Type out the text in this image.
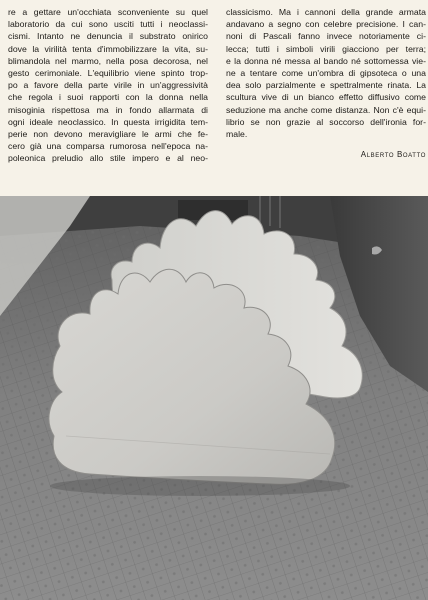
re a gettare un'occhiata sconveniente su quel
laboratorio da cui sono usciti tutti i neoclassi-
cismi. Intanto ne denuncia il substrato onirico
dove la virilità tenta d'immobilizzare la vita, su-
blimandola nel marmo, nella posa decorosa, nel
gesto cerimoniale. L'equilibrio viene spinto trop-
po a favore della parte virile in un'aggressività
che regola i suoi rapporti con la donna nella
misoginia rispettosa ma in fondo allarmata di
ogni ideale neoclassico. In questa irrigidita tem-
perie non devono meravigliare le armi che fe-
cero già una comparsa rumorosa nell'epoca na-
poleonica preludio allo stile impero e al neo-
classicismo. Ma i cannoni della grande armata
andavano a segno con celebre precisione. I can-
noni di Pascali fanno invece notoriamente ci-
lecca; tutti i simboli virili giacciono per terra;
e la donna né messa al bando né sottomessa vie-
ne a tentare come un'ombra di gipsoteca o una
dea solo parzialmente e spettralmente rinata. La
scultura vive di un bianco effetto diffusivo come
seduzione ma anche come distanza. Non c'è equi-
librio se non grazie al soccorso dell'ironia for-
male.
Alberto Boatto
